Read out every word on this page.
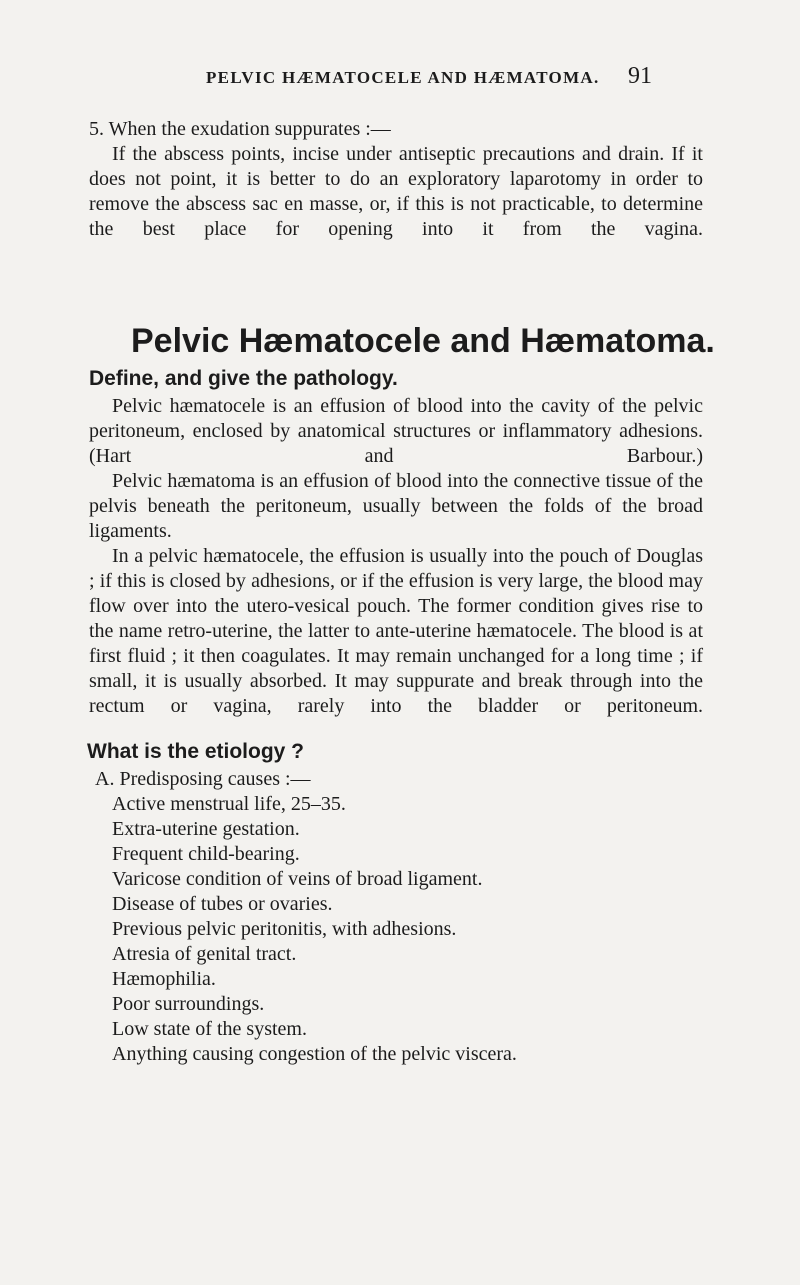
PELVIC HÆMATOCELE AND HÆMATOMA. 91

5. When the exudation suppurates :—

If the abscess points, incise under antiseptic precautions and drain. If it does not point, it is better to do an exploratory laparotomy in order to remove the abscess sac en masse, or, if this is not practicable, to determine the best place for opening into it from the vagina.

Pelvic Hæmatocele and Hæmatoma.
Define, and give the pathology.

Pelvic hæmatocele is an effusion of blood into the cavity of the pelvic peritoneum, enclosed by anatomical structures or inflammatory adhesions. (Hart and Barbour.)

Pelvic hæmatoma is an effusion of blood into the connective tissue of the pelvis beneath the peritoneum, usually between the folds of the broad ligaments.

In a pelvic hæmatocele, the effusion is usually into the pouch of Douglas ; if this is closed by adhesions, or if the effusion is very large, the blood may flow over into the utero-vesical pouch. The former condition gives rise to the name retro-uterine, the latter to ante-uterine hæmatocele. The blood is at first fluid ; it then coagulates. It may remain unchanged for a long time ; if small, it is usually absorbed. It may suppurate and break through into the rectum or vagina, rarely into the bladder or peritoneum.

What is the etiology ?
A. Predisposing causes :—
Active menstrual life, 25–35.
Extra-uterine gestation.
Frequent child-bearing.
Varicose condition of veins of broad ligament.
Disease of tubes or ovaries.
Previous pelvic peritonitis, with adhesions.
Atresia of genital tract.
Hæmophilia.
Poor surroundings.
Low state of the system.
Anything causing congestion of the pelvic viscera.
